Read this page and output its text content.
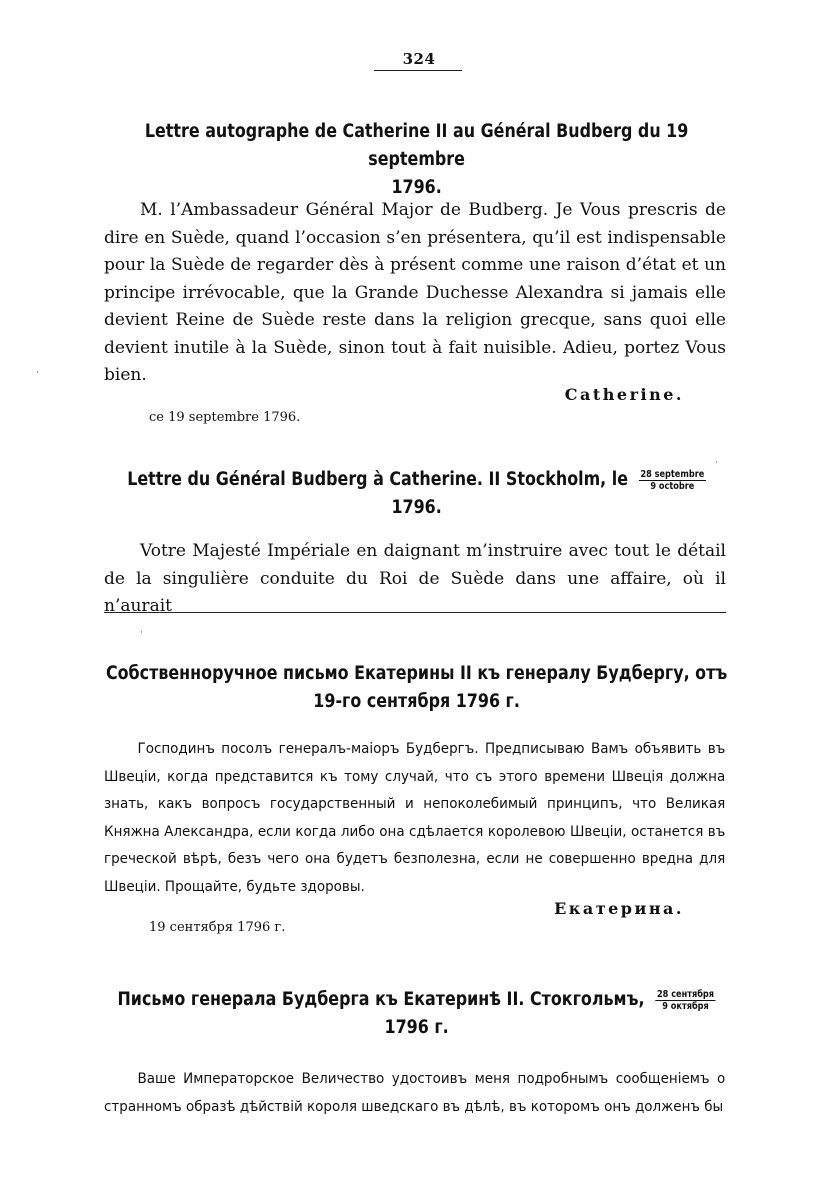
324
Lettre autographe de Catherine II au Général Budberg du 19 septembre
1796.
M. l’Ambassadeur Général Major de Budberg. Je Vous prescris de dire en Suède, quand l’occasion s’en présentera, qu’il est indispensable pour la Suède de regarder dès à présent comme une raison d’état et un principe irrévocable, que la Grande Duchesse Alexandra si jamais elle devient Reine de Suède reste dans la religion grecque, sans quoi elle devient inutile à la Suède, sinon tout à fait nuisible. Adieu, portez Vous bien.
Catherine.
ce 19 septembre 1796.
Lettre du Général Budberg à Catherine. II Stockholm, le $\frac{\text{28 septembre}}{\text{9 octobre}}$
1796.
Votre Majesté Impériale en daignant m’instruire avec tout le détail de la singulière conduite du Roi de Suède dans une affaire, où il n’aurait
Собственноручное письмо Екатерины II къ генералу Будбергу, отъ
19-го сентября 1796 г.
Господинъ посолъ генералъ-маіоръ Будбергъ. Предписываю Вамъ объявить въ Швеціи, когда представится къ тому случай, что съ этого времени Швеція должна знать, какъ вопросъ государственный и непоколебимый принципъ, что Великая Княжна Александра, если когда либо она сдѣлается королевою Швеціи, останется въ греческой вѣрѣ, безъ чего она будетъ безполезна, если не совершенно вредна для Швеціи. Прощайте, будьте здоровы.
Екатерина.
19 сентября 1796 г.
Письмо генерала Будберга къ Екатеринѣ II. Стокгольмъ, $\frac{\text{28 сентября}}{\text{9 октября}}$
1796 г.
Ваше Императорское Величество удостоивъ меня подробнымъ сообщеніемъ о странномъ образѣ дѣйствій короля шведскаго въ дѣлѣ, въ которомъ онъ долженъ бы
·
·
·
